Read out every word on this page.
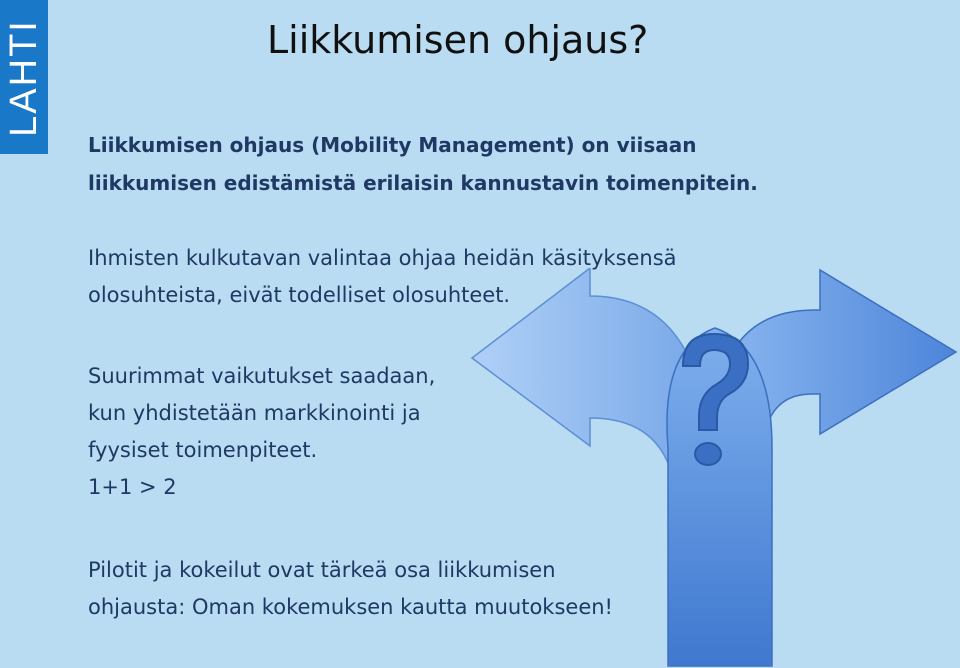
LAHTI	Liikkumisen ohjaus?
Liikkumisen ohjaus (Mobility Management) on viisaan
liikkumisen edistämistä erilaisin kannustavin toimenpitein.
Ihmisten kulkutavan valintaa ohjaa heidän käsityksensä
olosuhteista, eivät todelliset olosuhteet.
Suurimmat vaikutukset saadaan,
kun yhdistetään markkinointi ja
fyysiset toimenpiteet.
1+1 > 2
Pilotit ja kokeilut ovat tärkeä osa liikkumisen
ohjausta: Oman kokemuksen kautta muutokseen!
